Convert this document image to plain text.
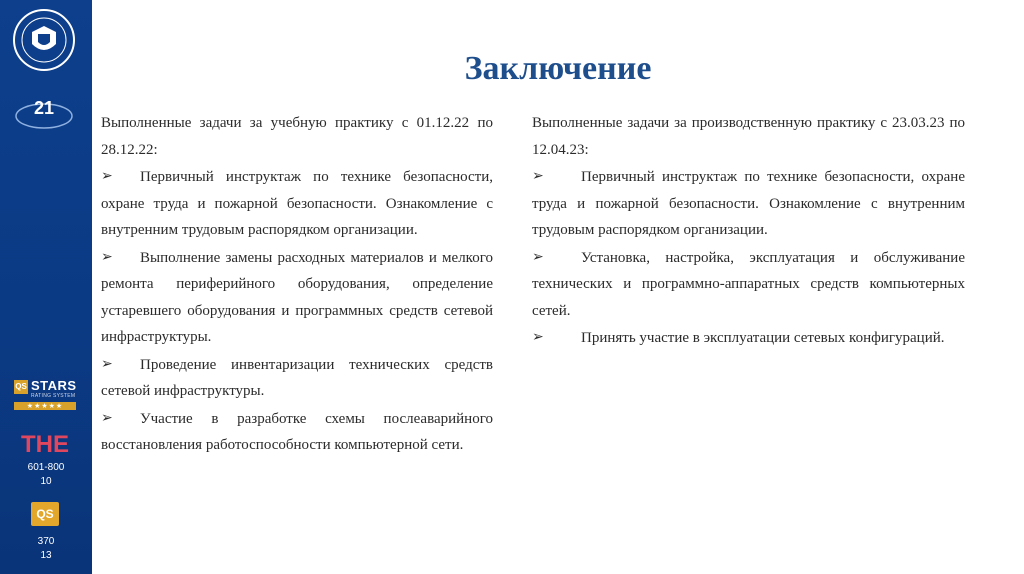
21
QS STARS
RATING SYSTEM
★★★★★
THE
601-800
10
QS
370
13
Заключение

Выполненные задачи за учебную практику с 01.12.22 по 28.12.22:

➢	Первичный инструктаж по технике безопасности, охране труда и пожарной безопасности. Ознакомление с внутренним трудовым распорядком организации.

➢	Выполнение замены расходных материалов и мелкого ремонта периферийного оборудования, определение устаревшего оборудования и программных средств сетевой инфраструктуры.

➢	Проведение инвентаризации технических средств сетевой инфраструктуры.

➢	Участие в разработке схемы послеаварийного восстановления работоспособности компьютерной сети.

Выполненные задачи за производственную практику с 23.03.23 по 12.04.23:

➢	Первичный инструктаж по технике безопасности, охране труда и пожарной безопасности. Ознакомление с внутренним трудовым распорядком организации.

➢	Установка, настройка, эксплуатация и обслуживание технических и программно-аппаратных средств компьютерных сетей.

➢	Принять участие в эксплуатации сетевых конфигураций.
